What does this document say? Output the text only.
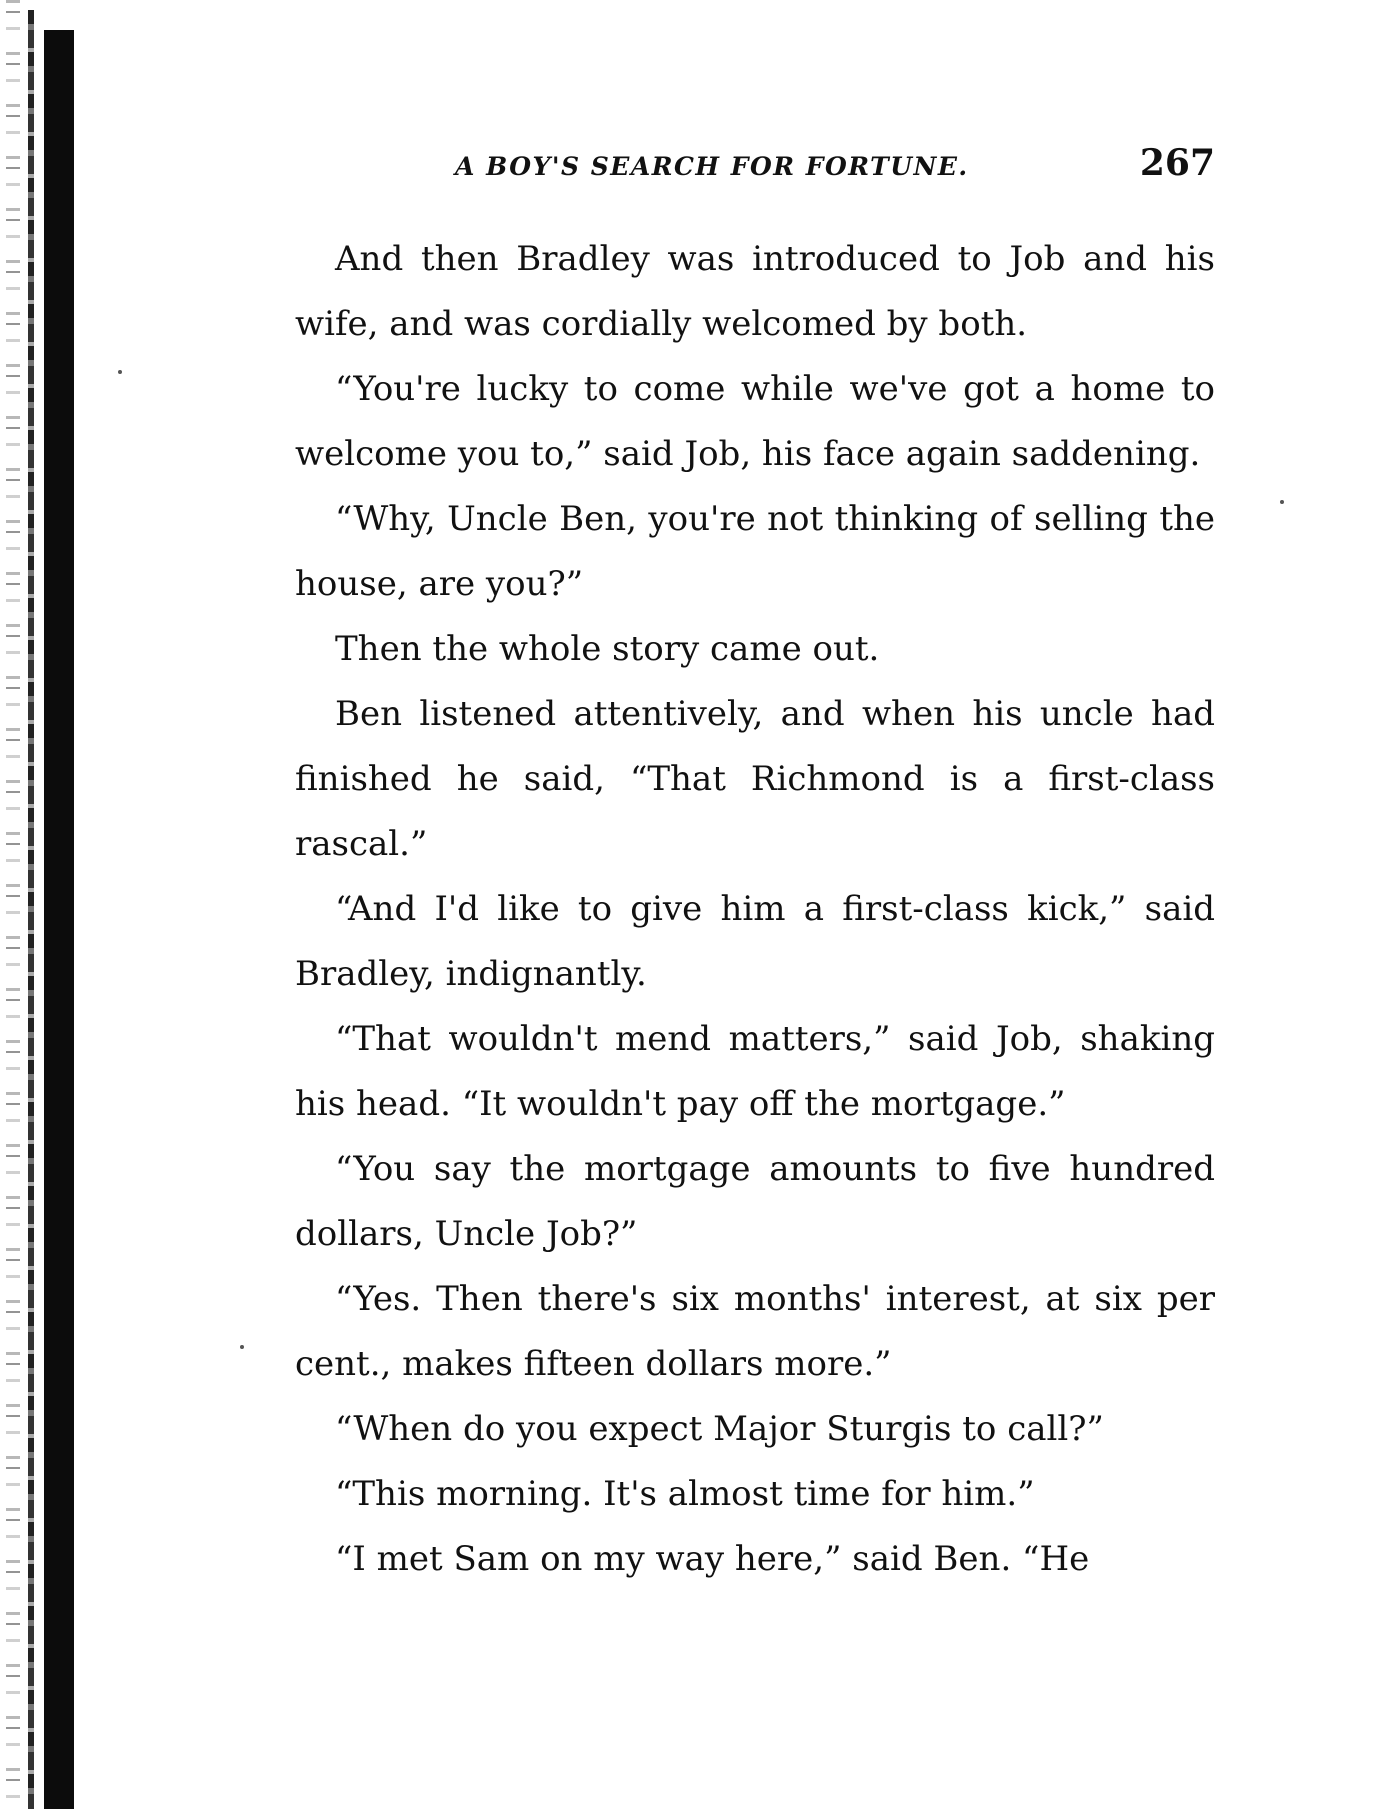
A BOY'S SEARCH FOR FORTUNE.	267

And then Bradley was introduced to Job and his wife, and was cordially welcomed by both.

“You're lucky to come while we've got a home to welcome you to,” said Job, his face again saddening.

“Why, Uncle Ben, you're not thinking of selling the house, are you?”

Then the whole story came out.

Ben listened attentively, and when his uncle had finished he said, “That Richmond is a first-class rascal.”

“And I'd like to give him a first-class kick,” said Bradley, indignantly.

“That wouldn't mend matters,” said Job, shaking his head. “It wouldn't pay off the mortgage.”

“You say the mortgage amounts to five hundred dollars, Uncle Job?”

“Yes. Then there's six months' interest, at six per cent., makes fifteen dollars more.”

“When do you expect Major Sturgis to call?”

“This morning. It's almost time for him.”

“I met Sam on my way here,” said Ben. “He
